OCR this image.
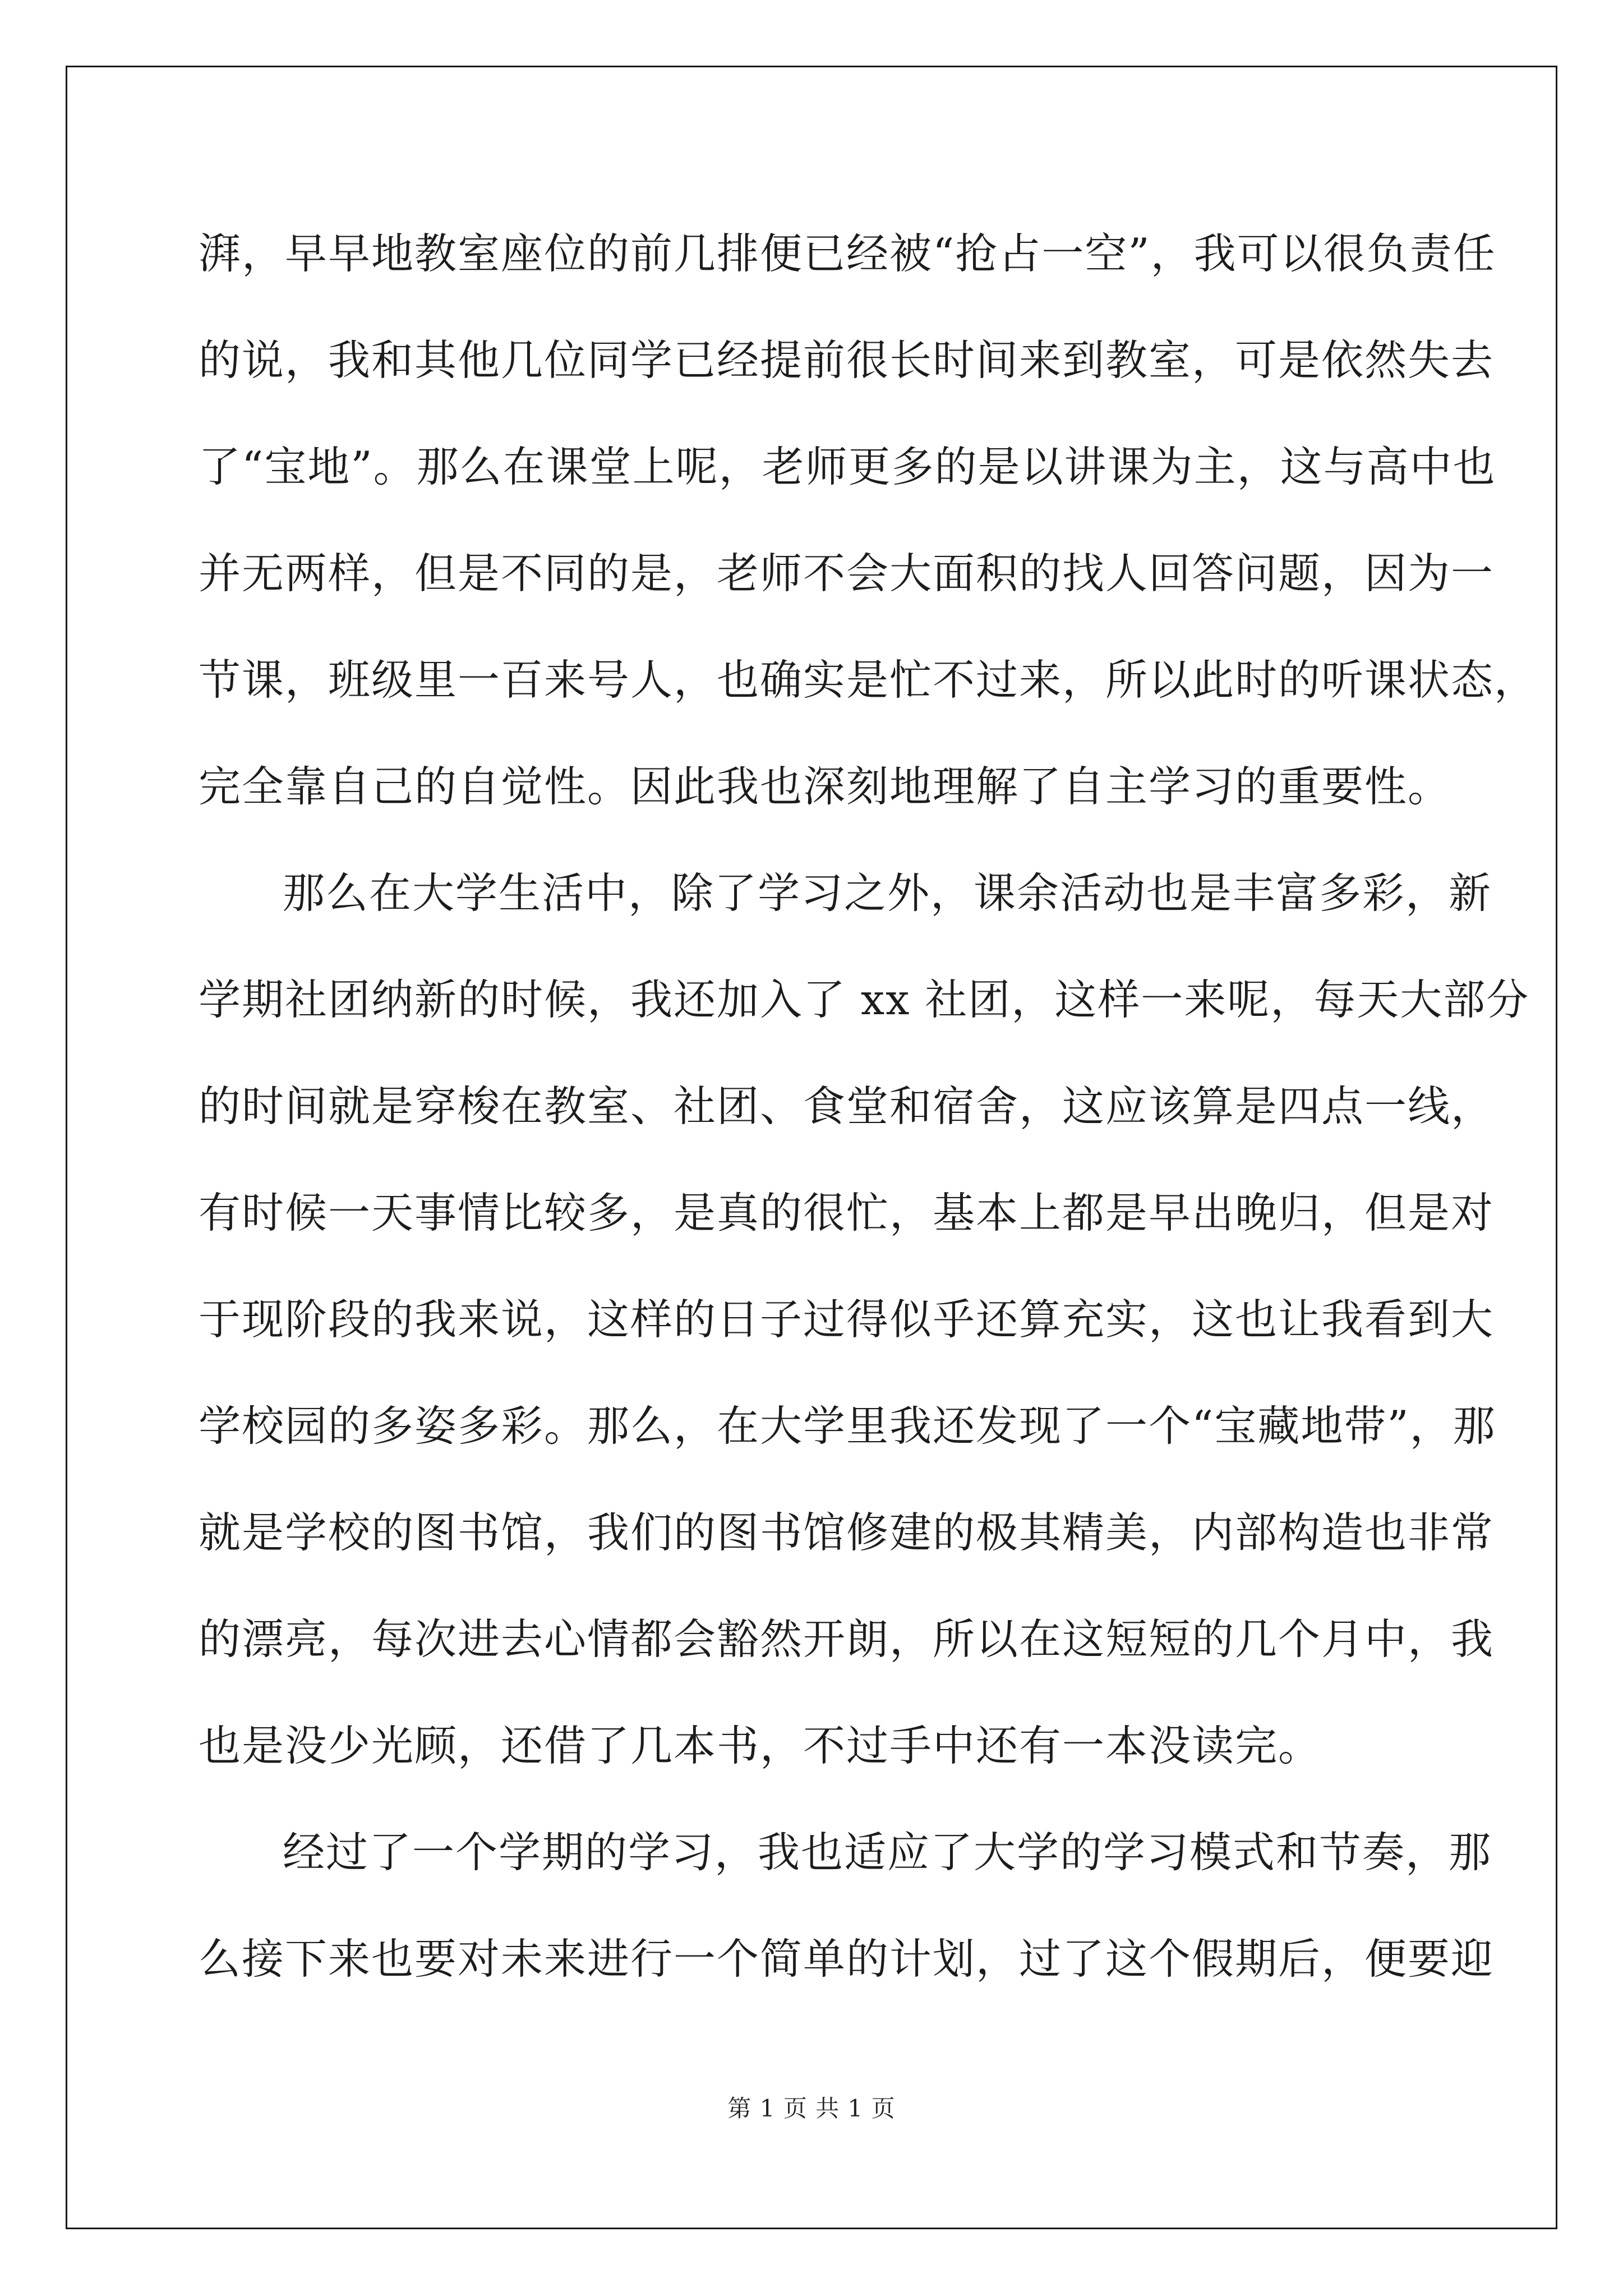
湃，早早地教室座位的前几排便已经被“抢占一空”，我可以很负责任
的说，我和其他几位同学已经提前很长时间来到教室，可是依然失去
了“宝地”。那么在课堂上呢，老师更多的是以讲课为主，这与高中也
并无两样，但是不同的是，老师不会大面积的找人回答问题，因为一
节课，班级里一百来号人，也确实是忙不过来，所以此时的听课状态，
完全靠自己的自觉性。因此我也深刻地理解了自主学习的重要性。
那么在大学生活中，除了学习之外，课余活动也是丰富多彩，新
学期社团纳新的时候，我还加入了 xx 社团，这样一来呢，每天大部分
的时间就是穿梭在教室、社团、食堂和宿舍，这应该算是四点一线，
有时候一天事情比较多，是真的很忙，基本上都是早出晚归，但是对
于现阶段的我来说，这样的日子过得似乎还算充实，这也让我看到大
学校园的多姿多彩。那么，在大学里我还发现了一个“宝藏地带”，那
就是学校的图书馆，我们的图书馆修建的极其精美，内部构造也非常
的漂亮，每次进去心情都会豁然开朗，所以在这短短的几个月中，我
也是没少光顾，还借了几本书，不过手中还有一本没读完。
经过了一个学期的学习，我也适应了大学的学习模式和节奏，那
么接下来也要对未来进行一个简单的计划，过了这个假期后，便要迎
第 1 页 共 1 页
